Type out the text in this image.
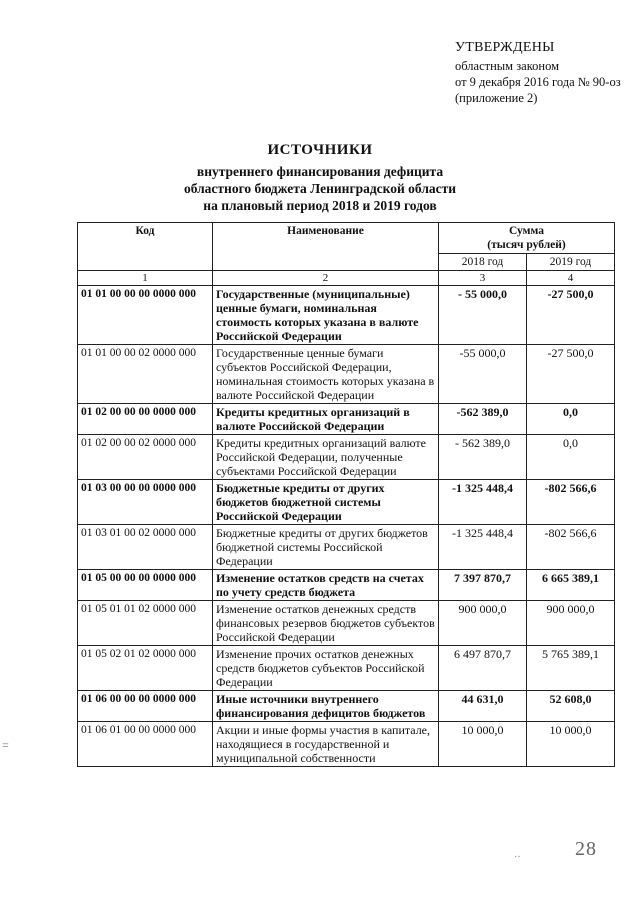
УТВЕРЖДЕНЫ
областным законом
от 9 декабря 2016 года № 90-оз
(приложение 2)
ИСТОЧНИКИ
внутреннего финансирования дефицита
областного бюджета Ленинградской области
на плановый период 2018 и 2019 годов
Код	Наименование	Сумма
(тысяч рублей)	
		2018 год	2019 год
1	2	3	4
01 01 00 00 00 0000 000	Государственные (муниципальные) ценные бумаги, номинальная стоимость которых указана в валюте Российской Федерации	- 55 000,0	-27 500,0
01 01 00 00 02 0000 000	Государственные ценные бумаги субъектов Российской Федерации, номинальная стоимость которых указана в валюте Российской Федерации	-55 000,0	-27 500,0
01 02 00 00 00 0000 000	Кредиты кредитных организаций в валюте Российской Федерации	-562 389,0	0,0
01 02 00 00 02 0000 000	Кредиты кредитных организаций валюте Российской Федерации, полученные субъектами Российской Федерации	- 562 389,0	0,0
01 03 00 00 00 0000 000	Бюджетные кредиты от других бюджетов бюджетной системы Российской Федерации	-1 325 448,4	-802 566,6
01 03 01 00 02 0000 000	Бюджетные кредиты от других бюджетов бюджетной системы Российской Федерации	-1 325 448,4	-802 566,6
01 05 00 00 00 0000 000	Изменение остатков средств на счетах по учету средств бюджета	7 397 870,7	6 665 389,1
01 05 01 01 02 0000 000	Изменение остатков денежных средств финансовых резервов бюджетов субъектов Российской Федерации	900 000,0	900 000,0
01 05 02 01 02 0000 000	Изменение прочих остатков денежных средств бюджетов субъектов Российской Федерации	6 497 870,7	5 765 389,1
01 06 00 00 00 0000 000	Иные источники внутреннего финансирования дефицитов бюджетов	44 631,0	52 608,0
01 06 01 00 00 0000 000	Акции и иные формы участия в капитале, находящиеся в государственной и муниципальной собственности	10 000,0	10 000,0
=
··	28
